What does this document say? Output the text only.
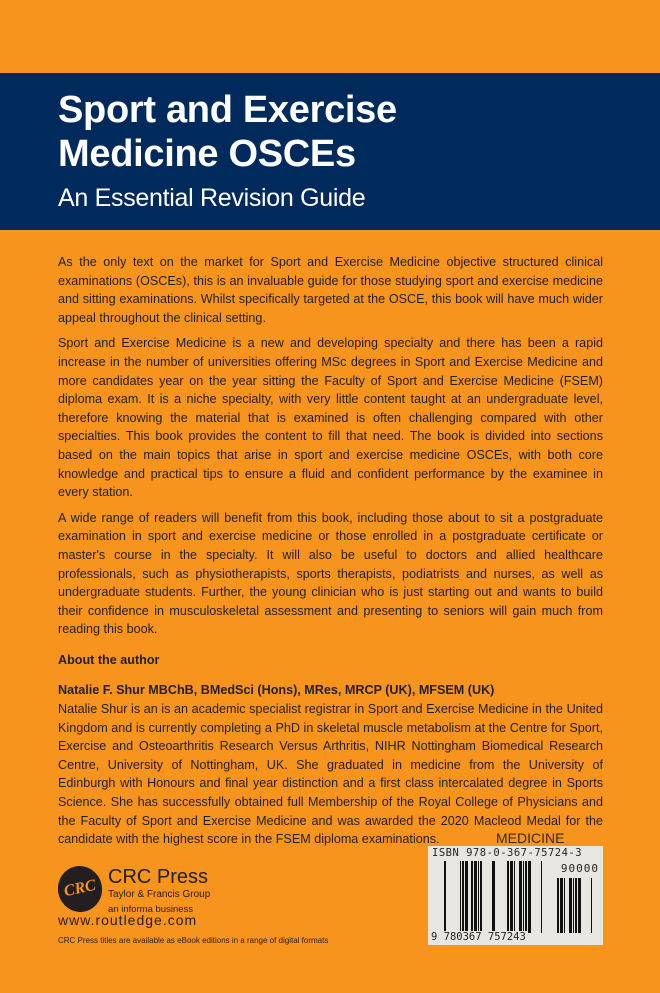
Sport and Exercise
Medicine OSCEs
An Essential Revision Guide

As the only text on the market for Sport and Exercise Medicine objective structured clinical examinations (OSCEs), this is an invaluable guide for those studying sport and exercise medicine and sitting examinations. Whilst specifically targeted at the OSCE, this book will have much wider appeal throughout the clinical setting.

Sport and Exercise Medicine is a new and developing specialty and there has been a rapid increase in the number of universities offering MSc degrees in Sport and Exercise Medicine and more candidates year on the year sitting the Faculty of Sport and Exercise Medicine (FSEM) diploma exam. It is a niche specialty, with very little content taught at an undergraduate level, therefore knowing the material that is examined is often challenging compared with other specialties. This book provides the content to fill that need. The book is divided into sections based on the main topics that arise in sport and exercise medicine OSCEs, with both core knowledge and practical tips to ensure a fluid and confident performance by the examinee in every station.

A wide range of readers will benefit from this book, including those about to sit a postgraduate examination in sport and exercise medicine or those enrolled in a postgraduate certificate or master's course in the specialty. It will also be useful to doctors and allied healthcare professionals, such as physiotherapists, sports therapists, podiatrists and nurses, as well as undergraduate students. Further, the young clinician who is just starting out and wants to build their confidence in musculoskeletal assessment and presenting to seniors will gain much from reading this book.

About the author

Natalie F. Shur MBChB, BMedSci (Hons), MRes, MRCP (UK), MFSEM (UK)

Natalie Shur is an is an academic specialist registrar in Sport and Exercise Medicine in the United Kingdom and is currently completing a PhD in skeletal muscle metabolism at the Centre for Sport, Exercise and Osteoarthritis Research Versus Arthritis, NIHR Nottingham Biomedical Research Centre, University of Nottingham, UK. She graduated in medicine from the University of Edinburgh with Honours and final year distinction and a first class intercalated degree in Sports Science. She has successfully obtained full Membership of the Royal College of Physicians and the Faculty of Sport and Exercise Medicine and was awarded the 2020 Macleod Medal for the candidate with the highest score in the FSEM diploma examinations.	MEDICINE
ISBN 978-0-367-75724-3
90000
9 780367 757243
CRC CRC Press
Taylor & Francis Group
an informa business
www.routledge.com
CRC Press titles are available as eBook editions in a range of digital formats
